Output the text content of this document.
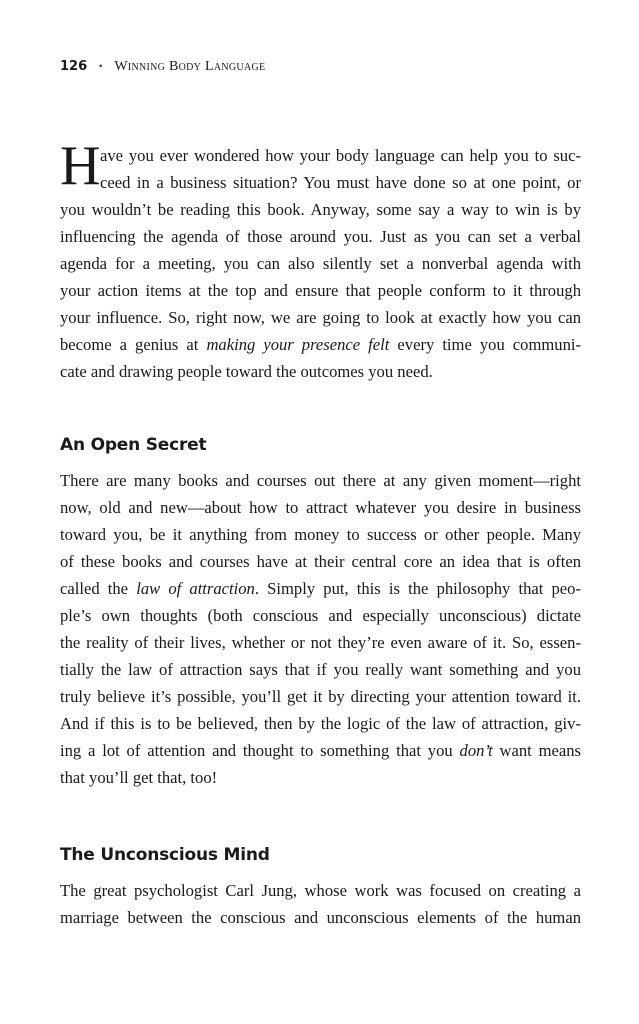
126 • Winning Body Language
H ave you ever wondered how your body language can help you to suc-
ceed in a business situation? You must have done so at one point, or
you wouldn’t be reading this book. Anyway, some say a way to win is by
influencing the agenda of those around you. Just as you can set a verbal
agenda for a meeting, you can also silently set a nonverbal agenda with
your action items at the top and ensure that people conform to it through
your influence. So, right now, we are going to look at exactly how you can
become a genius at making your presence felt every time you communi-
cate and drawing people toward the outcomes you need.
An Open Secret
There are many books and courses out there at any given moment—right
now, old and new—about how to attract whatever you desire in business
toward you, be it anything from money to success or other people. Many
of these books and courses have at their central core an idea that is often
called the law of attraction. Simply put, this is the philosophy that peo-
ple’s own thoughts (both conscious and especially unconscious) dictate
the reality of their lives, whether or not they’re even aware of it. So, essen-
tially the law of attraction says that if you really want something and you
truly believe it’s possible, you’ll get it by directing your attention toward it.
And if this is to be believed, then by the logic of the law of attraction, giv-
ing a lot of attention and thought to something that you don’t want means
that you’ll get that, too!
The Unconscious Mind
The great psychologist Carl Jung, whose work was focused on creating a
marriage between the conscious and unconscious elements of the human
